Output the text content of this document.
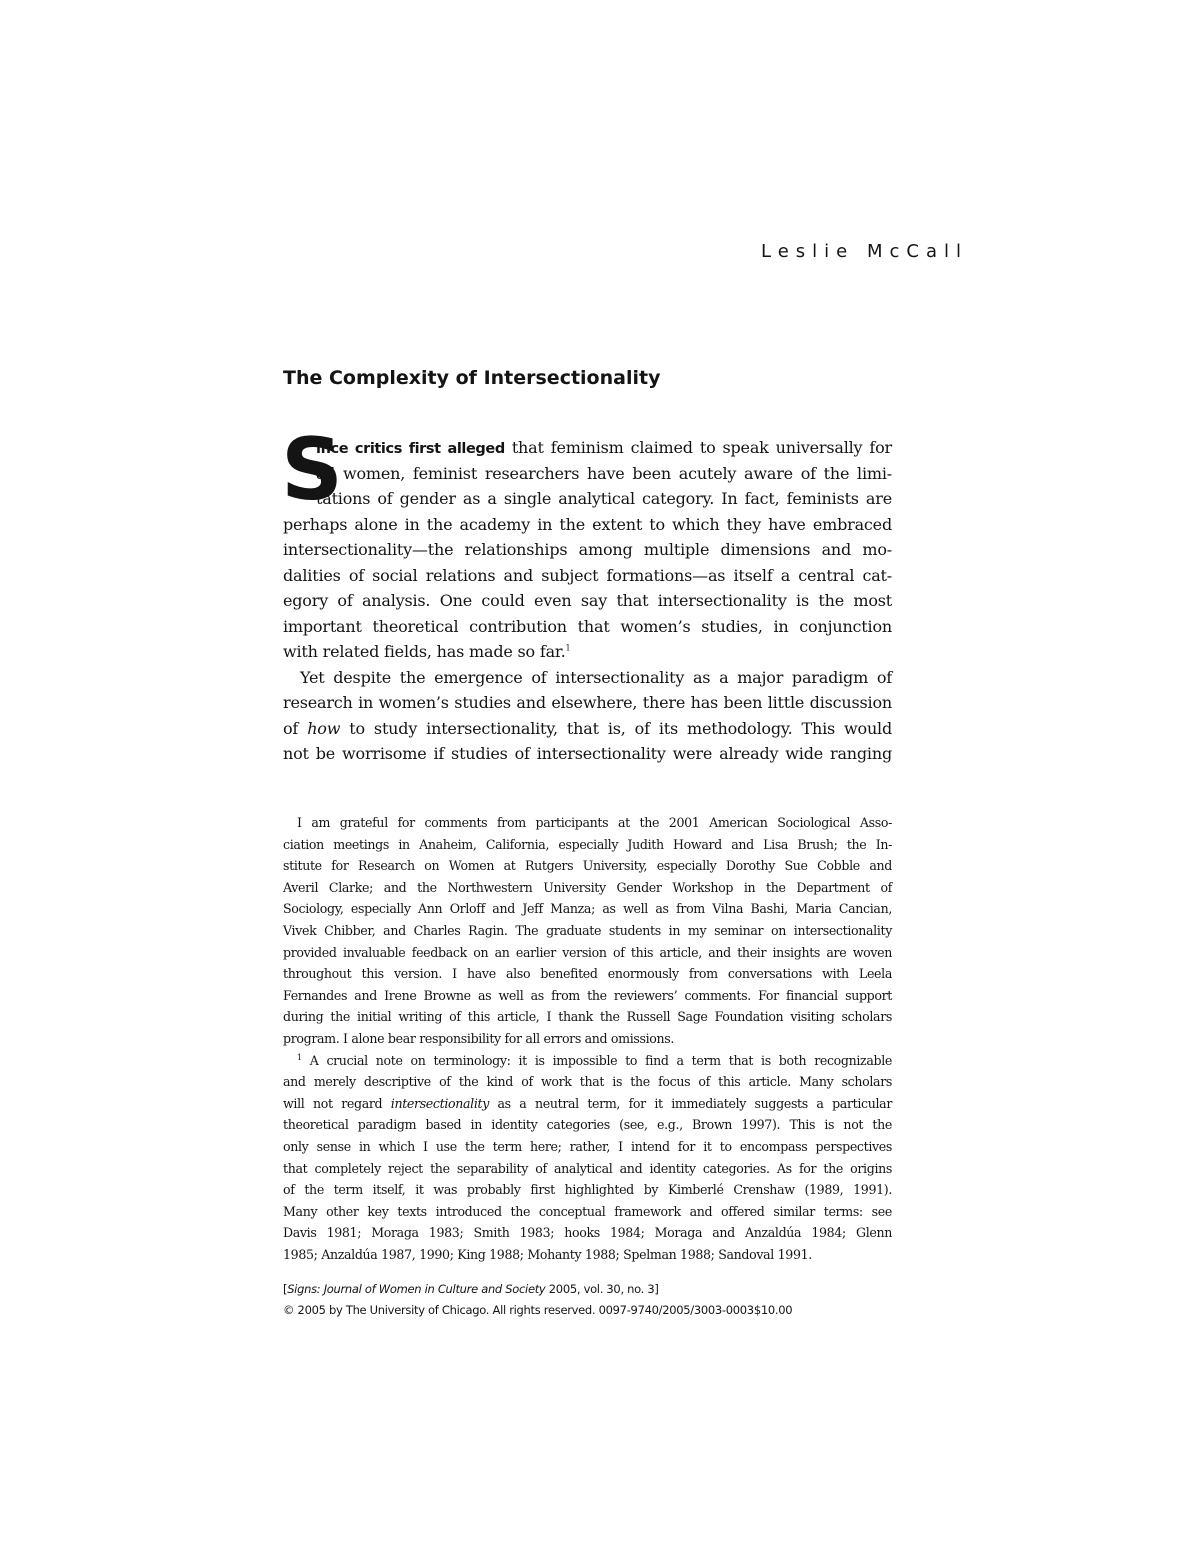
Leslie McCall
The Complexity of Intersectionality
S
ince critics first alleged that feminism claimed to speak universally for
all women, feminist researchers have been acutely aware of the limi-
tations of gender as a single analytical category. In fact, feminists are
perhaps alone in the academy in the extent to which they have embraced
intersectionality—the relationships among multiple dimensions and mo-
dalities of social relations and subject formations—as itself a central cat-
egory of analysis. One could even say that intersectionality is the most
important theoretical contribution that women’s studies, in conjunction
with related fields, has made so far.$^1$
Yet despite the emergence of intersectionality as a major paradigm of
research in women’s studies and elsewhere, there has been little discussion
of how to study intersectionality, that is, of its methodology. This would
not be worrisome if studies of intersectionality were already wide ranging
I am grateful for comments from participants at the 2001 American Sociological Asso-
ciation meetings in Anaheim, California, especially Judith Howard and Lisa Brush; the In-
stitute for Research on Women at Rutgers University, especially Dorothy Sue Cobble and
Averil Clarke; and the Northwestern University Gender Workshop in the Department of
Sociology, especially Ann Orloff and Jeff Manza; as well as from Vilna Bashi, Maria Cancian,
Vivek Chibber, and Charles Ragin. The graduate students in my seminar on intersectionality
provided invaluable feedback on an earlier version of this article, and their insights are woven
throughout this version. I have also benefited enormously from conversations with Leela
Fernandes and Irene Browne as well as from the reviewers’ comments. For financial support
during the initial writing of this article, I thank the Russell Sage Foundation visiting scholars
program. I alone bear responsibility for all errors and omissions.
$^1$ A crucial note on terminology: it is impossible to find a term that is both recognizable
and merely descriptive of the kind of work that is the focus of this article. Many scholars
will not regard intersectionality as a neutral term, for it immediately suggests a particular
theoretical paradigm based in identity categories (see, e.g., Brown 1997). This is not the
only sense in which I use the term here; rather, I intend for it to encompass perspectives
that completely reject the separability of analytical and identity categories. As for the origins
of the term itself, it was probably first highlighted by Kimberlé Crenshaw (1989, 1991).
Many other key texts introduced the conceptual framework and offered similar terms: see
Davis 1981; Moraga 1983; Smith 1983; hooks 1984; Moraga and Anzaldúa 1984; Glenn
1985; Anzaldúa 1987, 1990; King 1988; Mohanty 1988; Spelman 1988; Sandoval 1991.
[Signs: Journal of Women in Culture and Society 2005, vol. 30, no. 3]
© 2005 by The University of Chicago. All rights reserved. 0097-9740/2005/3003-0003$10.00
